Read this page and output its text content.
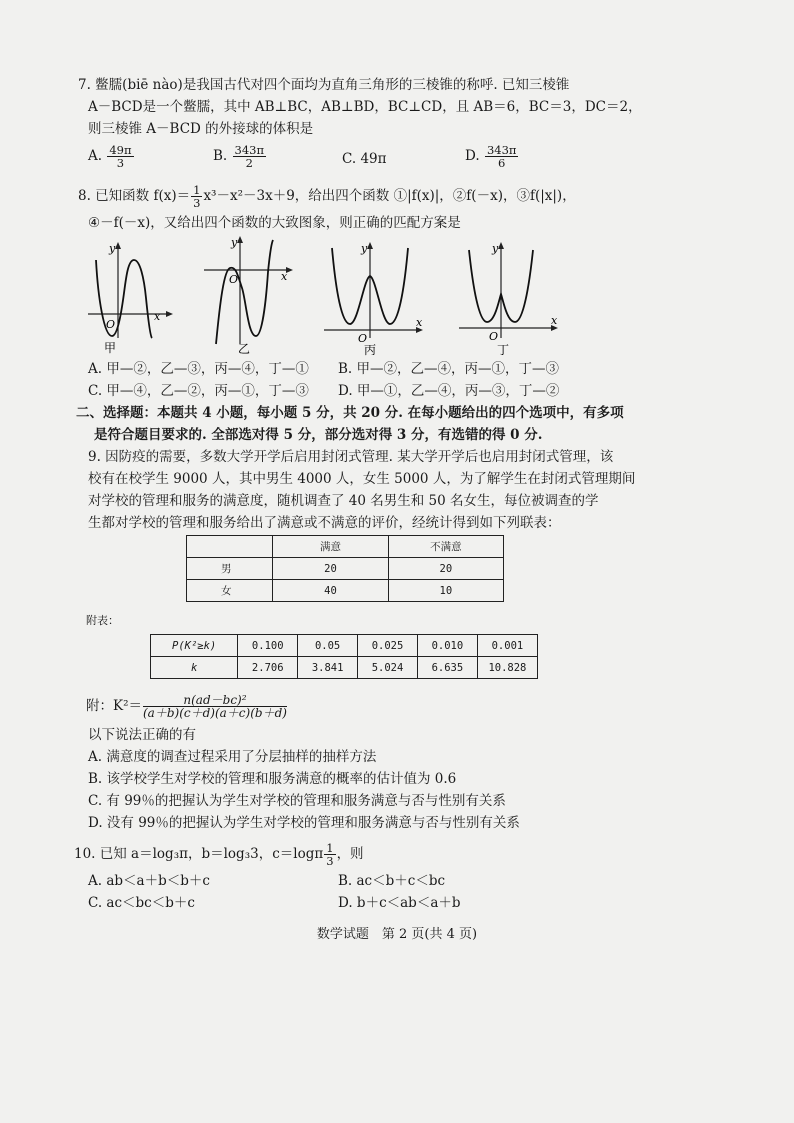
7. 鳖臑(biē nào)是我国古代对四个面均为直角三角形的三棱锥的称呼. 已知三棱锥
A－BCD是一个鳖臑，其中 AB⊥BC，AB⊥BD，BC⊥CD，且 AB＝6，BC＝3，DC＝2，
则三棱锥 A－BCD 的外接球的体积是
A. $\frac{49\pi}{3}$	B. $\frac{343\pi}{2}$	C. 49π	D. $\frac{343\pi}{6}$
8. 已知函数 $f(x)= \frac{1}{3} x^3-x^2-3x+9$，给出四个函数 ①|f(x)|，②f(－x)，③f(|x|)，
④－f(－x)，又给出四个函数的大致图象，则正确的匹配方案是
x
y
O
甲
x
y
O
乙
x
y
O
丙
x
y
O
丁
A. 甲—②，乙—③，丙—④，丁—① B. 甲—②，乙—④，丙—①，丁—③
C. 甲—④，乙—②，丙—①，丁—③ D. 甲—①，乙—④，丙—③，丁—②
二、选择题：本题共 4 小题，每小题 5 分，共 20 分. 在每小题给出的四个选项中，有多项
是符合题目要求的. 全部选对得 5 分，部分选对得 3 分，有选错的得 0 分.
9. 因防疫的需要，多数大学开学后启用封闭式管理. 某大学开学后也启用封闭式管理，该
校有在校学生 9000 人，其中男生 4000 人，女生 5000 人，为了解学生在封闭式管理期间
对学校的管理和服务的满意度，随机调查了 40 名男生和 50 名女生，每位被调查的学
生都对学校的管理和服务给出了满意或不满意的评价，经统计得到如下列联表：
	满意	不满意
男	20	20
女	40	10
附表：
P(K²≥k)	0.100	0.05	0.025	0.010	0.001
k	2.706	3.841	5.024	6.635	10.828
附：$K^2= \frac{\text{n(ad－bc)²}}{(a+b)(c+d)(a+c)(b+d)}$
以下说法正确的有
A. 满意度的调查过程采用了分层抽样的抽样方法
B. 该学校学生对学校的管理和服务满意的概率的估计值为 0.6
C. 有 99％的把握认为学生对学校的管理和服务满意与否与性别有关系
D. 没有 99％的把握认为学生对学校的管理和服务满意与否与性别有关系
10. 已知 a＝log₃π，b＝log₃3，$c=\log\pi \frac{1}{3}$ ，则
A. ab＜a＋b＜b＋c	B. ac＜b＋c＜bc
C. ac＜bc＜b＋c	D. b＋c＜ab＜a＋b
数学试题　第 2 页(共 4 页)
